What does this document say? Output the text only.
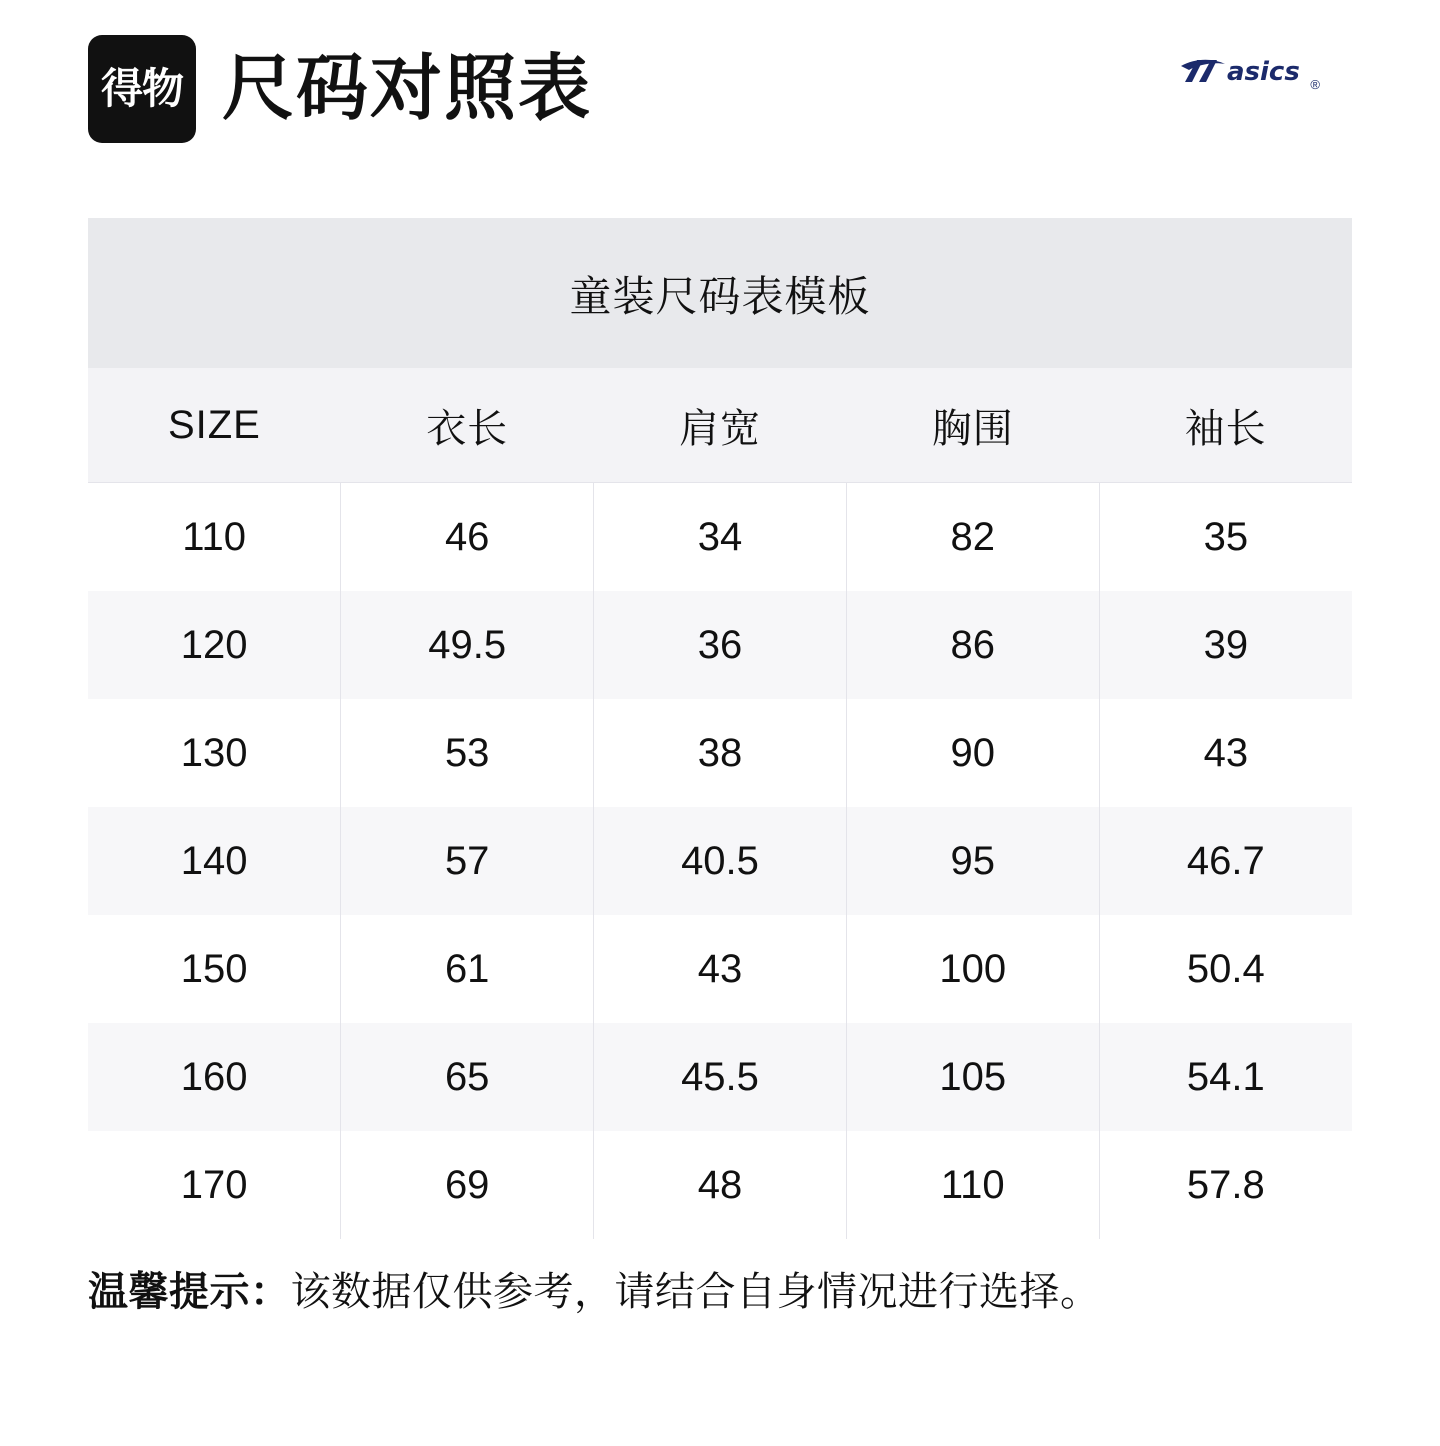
得物 尺码对照表	asics ®
童装尺码表模板
SIZE	衣长	肩宽	胸围	袖长
110	46	34	82	35
120	49.5	36	86	39
130	53	38	90	43
140	57	40.5	95	46.7
150	61	43	100	50.4
160	65	45.5	105	54.1
170	69	48	110	57.8

温馨提示：该数据仅供参考，请结合自身情况进行选择。
